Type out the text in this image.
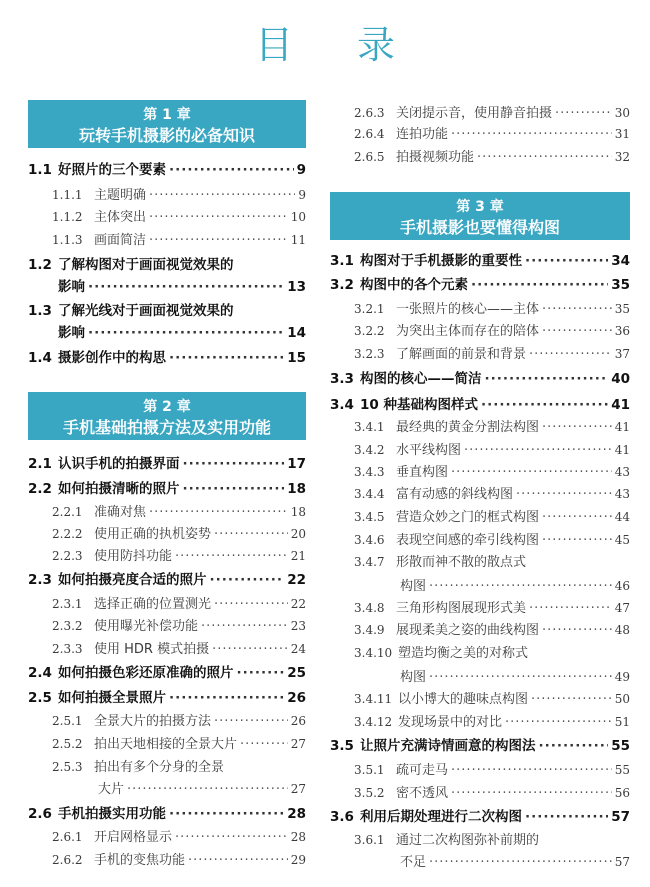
目 录
第 1 章
玩转手机摄影的必备知识
第 2 章
手机基础拍摄方法及实用功能
1.1 好照片的三个要素 ·····	9
1.1.1 主题明确 ·····	9
1.1.2 主体突出 ·····	10
1.1.3 画面简洁 ·····	11
1.2 了解构图对于画面视觉效果的
影响 ·····	13
1.3 了解光线对于画面视觉效果的
影响 ·····	14
1.4 摄影创作中的构思 ·····	15
2.1 认识手机的拍摄界面 ·····	17
2.2 如何拍摄清晰的照片 ·····	18
2.2.1 准确对焦 ·····	18
2.2.2 使用正确的执机姿势 ·····	20
2.2.3 使用防抖功能 ·····	21
2.3 如何拍摄亮度合适的照片 ·····	22
2.3.1 选择正确的位置测光 ·····	22
2.3.2 使用曝光补偿功能 ·····	23
2.3.3 使用 HDR 模式拍摄 ·····	24
2.4 如何拍摄色彩还原准确的照片 ·····	25
2.5 如何拍摄全景照片 ·····	26
2.5.1 全景大片的拍摄方法 ·····	26
2.5.2 拍出天地相接的全景大片 ·····	27
2.5.3 拍出有多个分身的全景
大片 ·····	27
2.6 手机拍摄实用功能 ·····	28
2.6.1 开启网格显示 ·····	28
2.6.2 手机的变焦功能 ·····	29
第 3 章
手机摄影也要懂得构图
2.6.3 关闭提示音，使用静音拍摄 ·····	30
2.6.4 连拍功能 ·····	31
2.6.5 拍摄视频功能 ·····	32
3.1 构图对于手机摄影的重要性 ·····	34
3.2 构图中的各个元素 ·····	35
3.2.1 一张照片的核心——主体 ·····	35
3.2.2 为突出主体而存在的陪体 ·····	36
3.2.3 了解画面的前景和背景 ·····	37
3.3 构图的核心——简洁 ·····	40
3.4 10 种基础构图样式 ·····	41
3.4.1 最经典的黄金分割法构图 ·····	41
3.4.2 水平线构图 ·····	41
3.4.3 垂直构图 ·····	43
3.4.4 富有动感的斜线构图 ·····	43
3.4.5 营造众妙之门的框式构图 ·····	44
3.4.6 表现空间感的牵引线构图 ·····	45
3.4.7 形散而神不散的散点式
构图 ·····	46
3.4.8 三角形构图展现形式美 ·····	47
3.4.9 展现柔美之姿的曲线构图 ·····	48
3.4.10 塑造均衡之美的对称式
构图 ·····	49
3.4.11 以小博大的趣味点构图 ·····	50
3.4.12 发现场景中的对比 ·····	51
3.5 让照片充满诗情画意的构图法 ·····	55
3.5.1 疏可走马 ·····	55
3.5.2 密不透风 ·····	56
3.6 利用后期处理进行二次构图 ·····	57
3.6.1 通过二次构图弥补前期的
不足 ·····	57
